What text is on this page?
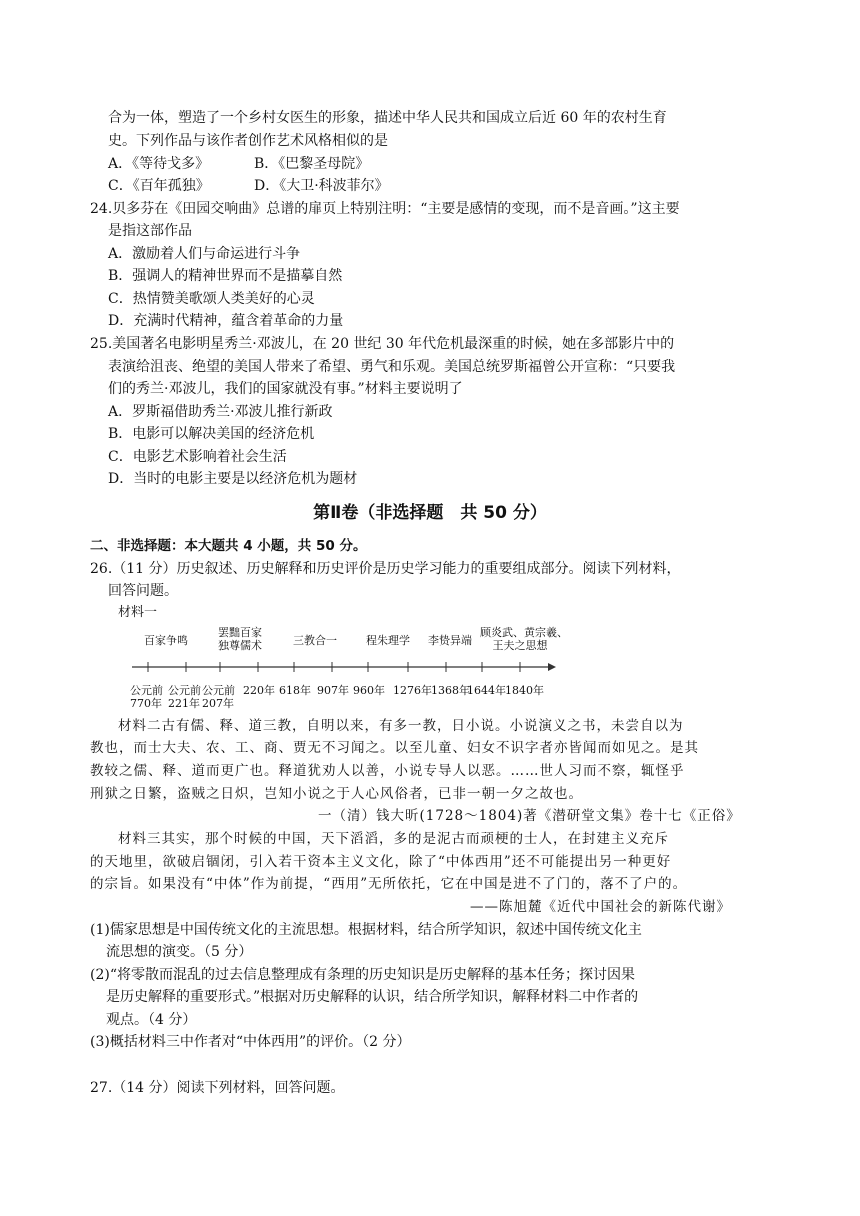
合为一体，塑造了一个乡村女医生的形象，描述中华人民共和国成立后近 60 年的农村生育
史。下列作品与该作者创作艺术风格相似的是
A．《等待戈多》	B．《巴黎圣母院》
C．《百年孤独》	D．《大卫·科波菲尔》
24.贝多芬在《田园交响曲》总谱的扉页上特别注明：“主要是感情的变现，而不是音画。”这主要
是指这部作品
A．激励着人们与命运进行斗争
B．强调人的精神世界而不是描摹自然
C．热情赞美歌颂人类美好的心灵
D．充满时代精神，蕴含着革命的力量
25.美国著名电影明星秀兰·邓波儿，在 20 世纪 30 年代危机最深重的时候，她在多部影片中的
表演给沮丧、绝望的美国人带来了希望、勇气和乐观。美国总统罗斯福曾公开宣称：“只要我
们的秀兰·邓波儿，我们的国家就没有事。”材料主要说明了
A．罗斯福借助秀兰·邓波儿推行新政
B．电影可以解决美国的经济危机
C．电影艺术影响着社会生活
D．当时的电影主要是以经济危机为题材
第Ⅱ卷（非选择题　共 50 分）
二、非选择题：本大题共 4 小题，共 50 分。
26.（11 分）历史叙述、历史解释和历史评价是历史学习能力的重要组成部分。阅读下列材料，
回答问题。
材料一
百家争鸣
罢黜百家
独尊儒术	三教合一	程朱理学	李贽异端
顾炎武、黄宗羲、
王夫之思想
公元前
770年
公元前
221年
公元前
207年
220年 618年 907年 960年 1276年 1368年
1644年 1840年
材料二古有儒、释、道三教，自明以来，有多一教，日小说。小说演义之书，未尝自以为
教也，而士大夫、农、工、商、贾无不习闻之。以至儿童、妇女不识字者亦皆闻而如见之。是其
教较之儒、释、道而更广也。释道犹劝人以善，小说专导人以恶。……世人习而不察，辄怪乎
刑狱之日繁，盗贼之日炽，岂知小说之于人心风俗者，已非一朝一夕之故也。
一（清）钱大昕(1728〜1804)著《潜研堂文集》卷十七《正俗》
材料三其实，那个时候的中国，天下滔滔，多的是泥古而顽梗的士人，在封建主义充斥
的天地里，欲破启锢闭，引入若干资本主义文化，除了“中体西用”还不可能提出另一种更好
的宗旨。如果没有“中体”作为前提，“西用”无所依托，它在中国是进不了门的，落不了户的。
——陈旭麓《近代中国社会的新陈代谢》
(1)儒家思想是中国传统文化的主流思想。根据材料，结合所学知识，叙述中国传统文化主
流思想的演变。（5 分）
(2)“将零散而混乱的过去信息整理成有条理的历史知识是历史解释的基本任务；探讨因果
是历史解释的重要形式。”根据对历史解释的认识，结合所学知识，解释材料二中作者的
观点。（4 分）
(3)概括材料三中作者对“中体西用”的评价。（2 分）
27.（14 分）阅读下列材料，回答问题。
